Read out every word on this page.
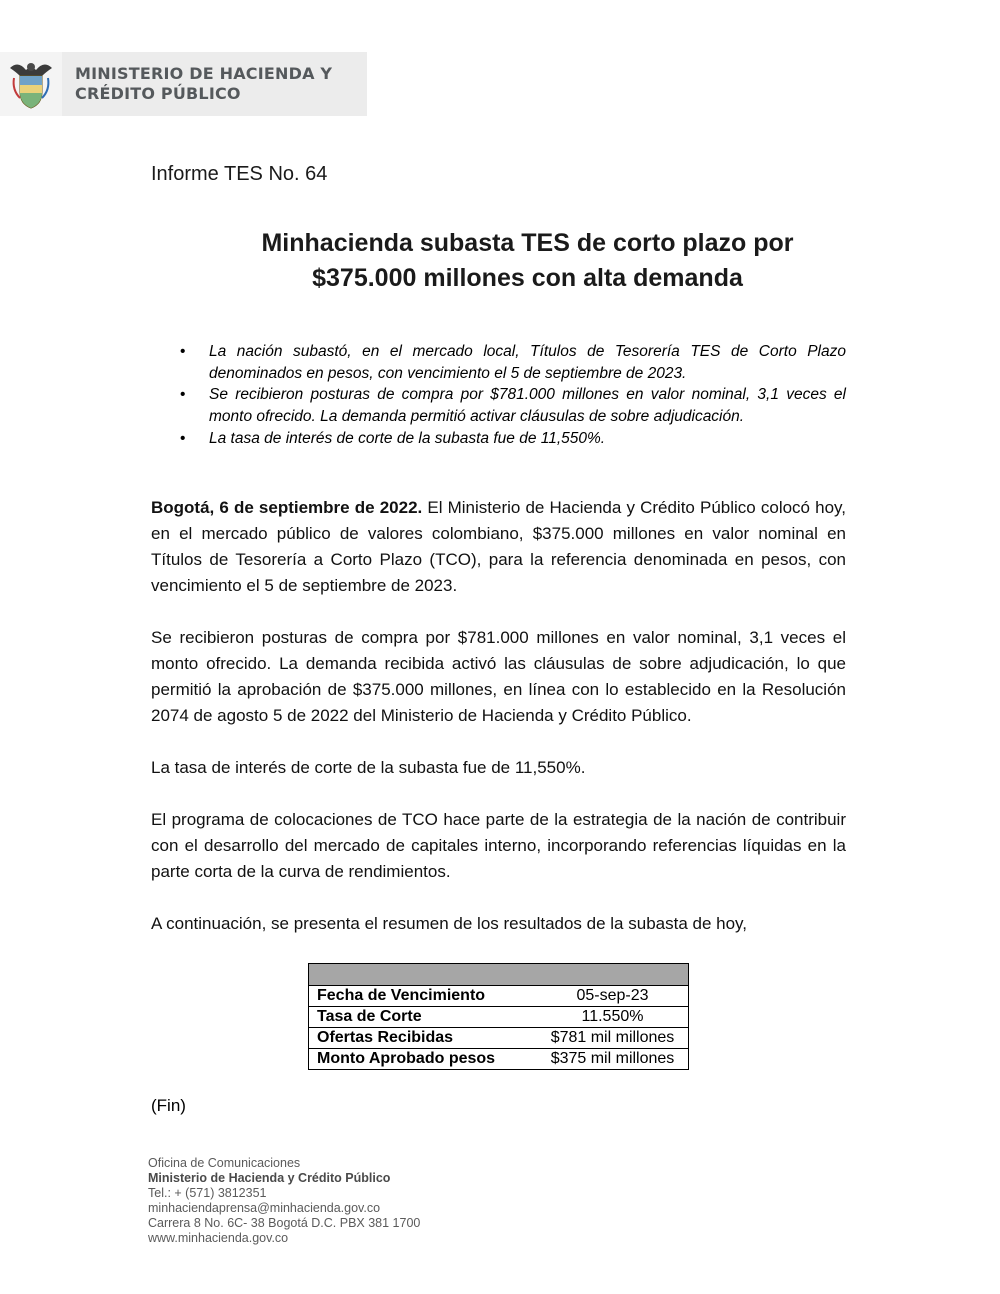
MINISTERIO DE HACIENDA Y
CRÉDITO PÚBLICO
Informe TES No. 64
Minhacienda subasta TES de corto plazo por
$375.000 millones con alta demanda
• La nación subastó, en el mercado local, Títulos de Tesorería TES de Corto Plazo denominados en pesos, con vencimiento el 5 de septiembre de 2023.
• Se recibieron posturas de compra por $781.000 millones en valor nominal, 3,1 veces el monto ofrecido. La demanda permitió activar cláusulas de sobre adjudicación.
• La tasa de interés de corte de la subasta fue de 11,550%.
Bogotá, 6 de septiembre de 2022. El Ministerio de Hacienda y Crédito Público colocó hoy, en el mercado público de valores colombiano, $375.000 millones en valor nominal en Títulos de Tesorería a Corto Plazo (TCO), para la referencia denominada en pesos, con vencimiento el 5 de septiembre de 2023.
Se recibieron posturas de compra por $781.000 millones en valor nominal, 3,1 veces el monto ofrecido. La demanda recibida activó las cláusulas de sobre adjudicación, lo que permitió la aprobación de $375.000 millones, en línea con lo establecido en la Resolución 2074 de agosto 5 de 2022 del Ministerio de Hacienda y Crédito Público.
La tasa de interés de corte de la subasta fue de 11,550%.
El programa de colocaciones de TCO hace parte de la estrategia de la nación de contribuir con el desarrollo del mercado de capitales interno, incorporando referencias líquidas en la parte corta de la curva de rendimientos.
A continuación, se presenta el resumen de los resultados de la subasta de hoy,

Fecha de Vencimiento	05-sep-23
Tasa de Corte	11.550%
Ofertas Recibidas	$781 mil millones
Monto Aprobado pesos	$375 mil millones
(Fin)
Oficina de Comunicaciones
Ministerio de Hacienda y Crédito Público
Tel.: + (571) 3812351
minhaciendaprensa@minhacienda.gov.co
Carrera 8 No. 6C- 38 Bogotá D.C. PBX 381 1700
www.minhacienda.gov.co
